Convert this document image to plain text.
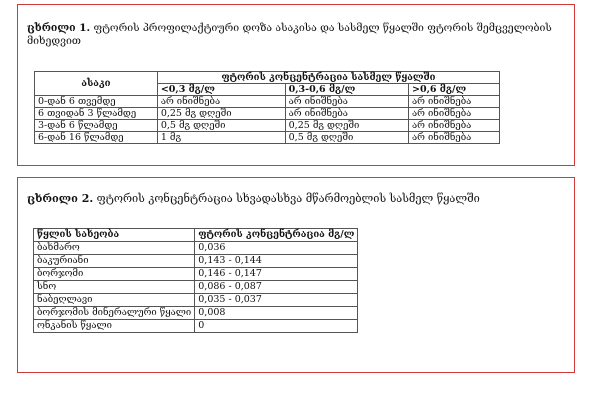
ცხრილი 1. ფტორის პროფილაქტიური დოზა ასაკისა და სასმელ წყალში ფტორის შემცველობის მიხედვით
ასაკი	ფტორის კონცენტრაცია სასმელ წყალში		
	<0,3 მგ/ლ	0,3-0,6 მგ/ლ	>0,6 მგ/ლ
0-დან 6 თვემდე	არ ინიშნება	არ ინიშნება	არ ინიშნება
6 თვიდან 3 წლამდე	0,25 მგ დღეში	არ ინიშნება	არ ინიშნება
3-დან 6 წლამდე	0,5 მგ დღეში	0,25 მგ დღეში	არ ინიშნება
6-დან 16 წლამდე	1 მგ	0,5 მგ დღეში	არ ინიშნება
ცხრილი 2. ფტორის კონცენტრაცია სხვადასხვა მწარმოებლის სასმელ წყალში
წყლის სახეობა	ფტორის კონცენტრაცია მგ/ლ
ბახმარო	0,036
ბაკურიანი	0,143 - 0,144
ბორჯომი	0,146 - 0,147
სნო	0,086 - 0,087
ნაბეღლავი	0,035 - 0,037
ბორჯომის მინერალური წყალი	0,008
ონკანის წყალი	0
